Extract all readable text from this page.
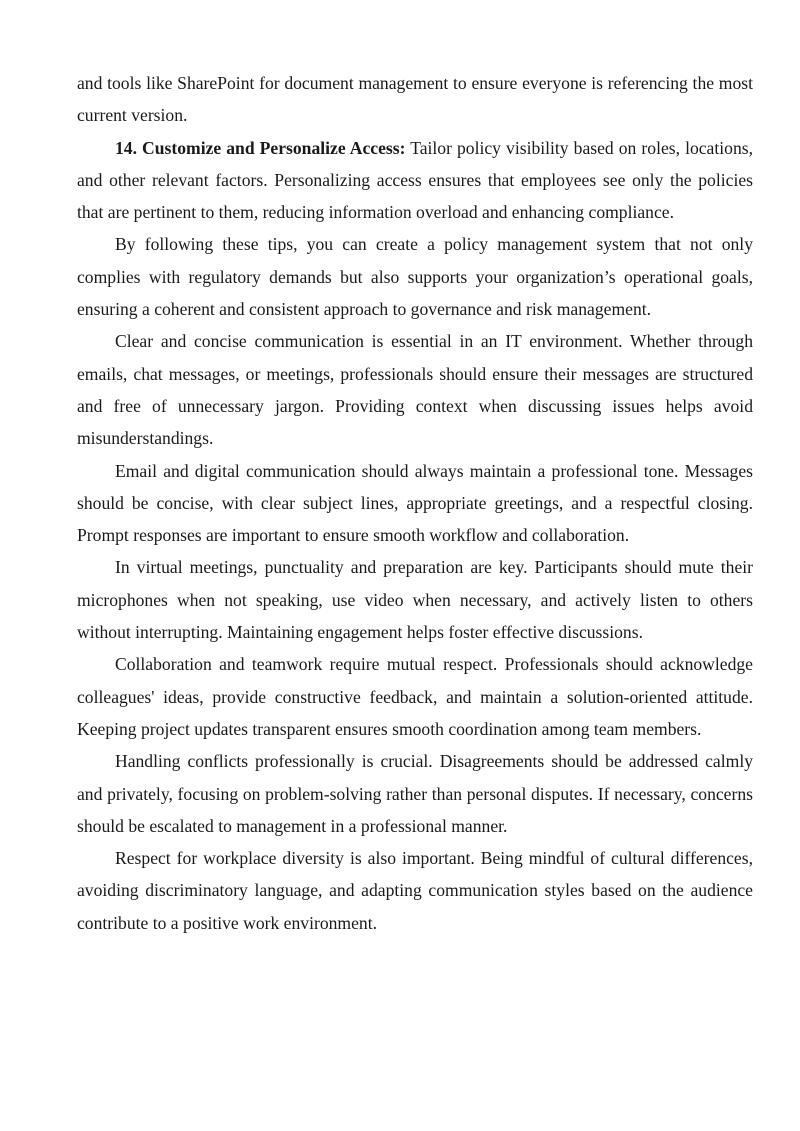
and tools like SharePoint for document management to ensure everyone is referencing the most current version.

14. Customize and Personalize Access: Tailor policy visibility based on roles, locations, and other relevant factors. Personalizing access ensures that employees see only the policies that are pertinent to them, reducing information overload and enhancing compliance.

By following these tips, you can create a policy management system that not only complies with regulatory demands but also supports your organization’s operational goals, ensuring a coherent and consistent approach to governance and risk management.

Clear and concise communication is essential in an IT environment. Whether through emails, chat messages, or meetings, professionals should ensure their messages are structured and free of unnecessary jargon. Providing context when discussing issues helps avoid misunderstandings.

Email and digital communication should always maintain a professional tone. Messages should be concise, with clear subject lines, appropriate greetings, and a respectful closing. Prompt responses are important to ensure smooth workflow and collaboration.

In virtual meetings, punctuality and preparation are key. Participants should mute their microphones when not speaking, use video when necessary, and actively listen to others without interrupting. Maintaining engagement helps foster effective discussions.

Collaboration and teamwork require mutual respect. Professionals should acknowledge colleagues' ideas, provide constructive feedback, and maintain a solution-oriented attitude. Keeping project updates transparent ensures smooth coordination among team members.

Handling conflicts professionally is crucial. Disagreements should be addressed calmly and privately, focusing on problem-solving rather than personal disputes. If necessary, concerns should be escalated to management in a professional manner.

Respect for workplace diversity is also important. Being mindful of cultural differences, avoiding discriminatory language, and adapting communication styles based on the audience contribute to a positive work environment.
